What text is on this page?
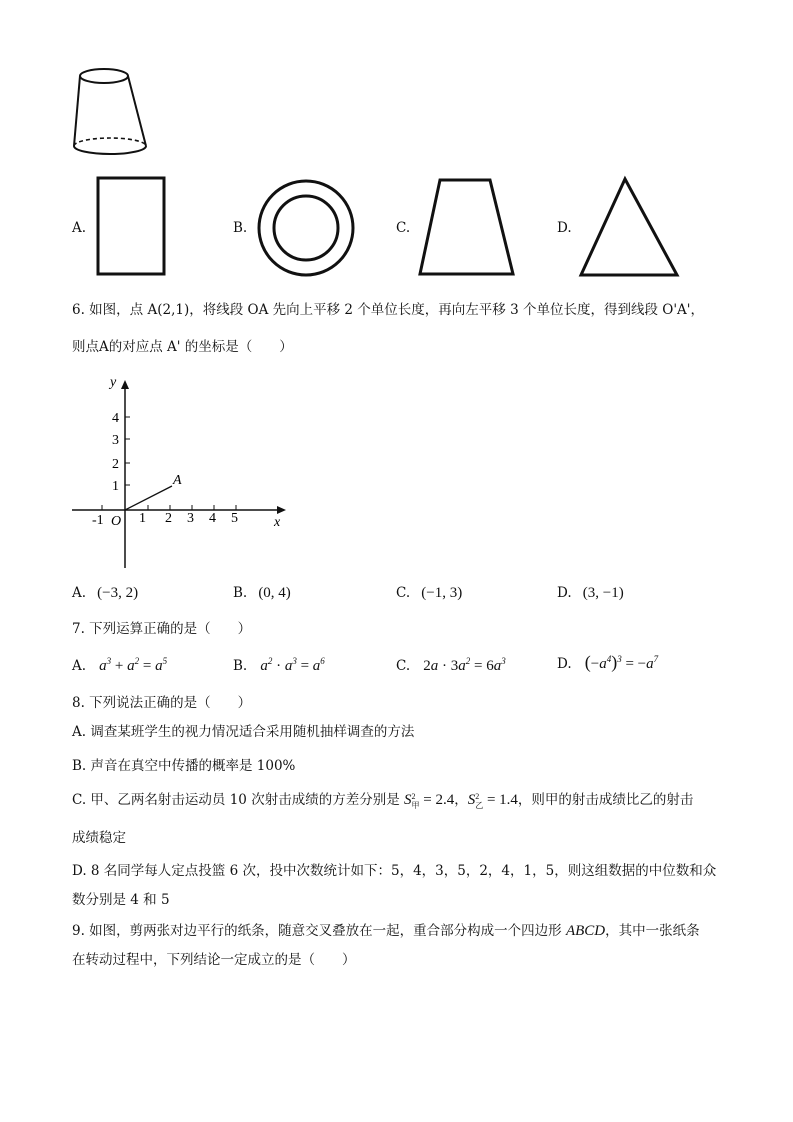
A.	B.	C.	D.
6. 如图，点 A(2,1)，将线段 OA 先向上平移 2 个单位长度，再向左平移 3 个单位长度，得到线段 O'A'，
则点A的对应点 A' 的坐标是（　　）
y
x
O
A
4
3
2
1
-1	1 2 3 4 5
A. (−3, 2)	B. (0, 4)	C. (−1, 3)	D. (3, −1)
7. 下列运算正确的是（　　）
A. $a^3 + a^2 = a^5$	B. $a^2 \cdot a^3 = a^6$	C. $2a \cdot 3a^2 = 6a^3$	D. $(-a^4)^3 = -a^7$
8. 下列说法正确的是（　　）
A. 调查某班学生的视力情况适合采用随机抽样调查的方法
B. 声音在真空中传播的概率是 100%
C. 甲、乙两名射击运动员 10 次射击成绩的方差分别是 S2
甲 = 2.4，S2
乙 = 1.4，则甲的射击成绩比乙的射击
成绩稳定
D. 8 名同学每人定点投篮 6 次，投中次数统计如下：5，4，3，5，2，4，1，5，则这组数据的中位数和众
数分别是 4 和 5
9. 如图，剪两张对边平行的纸条，随意交叉叠放在一起，重合部分构成一个四边形 ABCD，其中一张纸条
在转动过程中，下列结论一定成立的是（　　）
